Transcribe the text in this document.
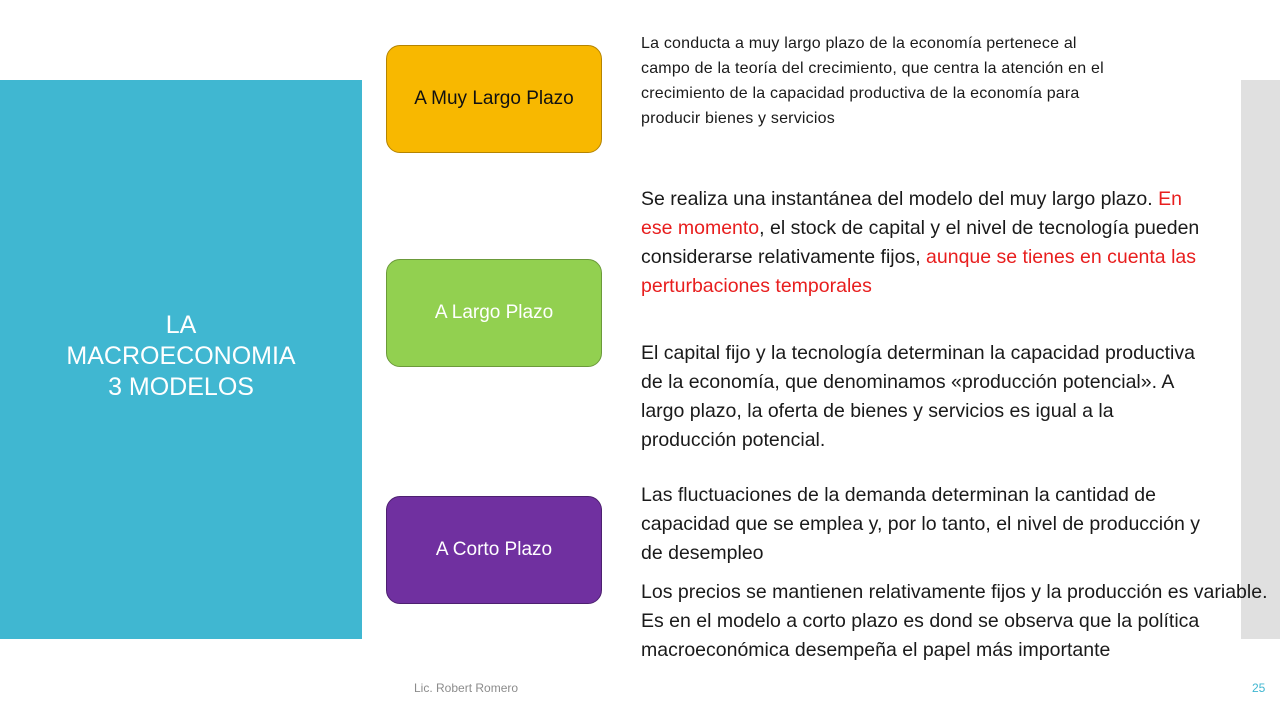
LA
MACROECONOMIA
3 MODELOS
A Muy Largo Plazo
A Largo Plazo
A Corto Plazo
La conducta a muy largo plazo de la economía pertenece al campo de la teoría del crecimiento, que centra la atención en el crecimiento de la capacidad productiva de la economía para producir bienes y servicios
Se realiza una instantánea del modelo del muy largo plazo. En ese momento, el stock de capital y el nivel de tecnología pueden considerarse relativamente fijos, aunque se tienes en cuenta las perturbaciones temporales
El capital fijo y la tecnología determinan la capacidad productiva de la economía, que denominamos «producción potencial». A largo plazo, la oferta de bienes y servicios es igual a la producción potencial.
Las fluctuaciones de la demanda determinan la cantidad de capacidad que se emplea y, por lo tanto, el nivel de producción y de desempleo
Los precios se mantienen relativamente fijos y la producción es variable. Es en el modelo a corto plazo es dond se observa que la política macroeconómica desempeña el papel más importante
Lic. Robert Romero	25
